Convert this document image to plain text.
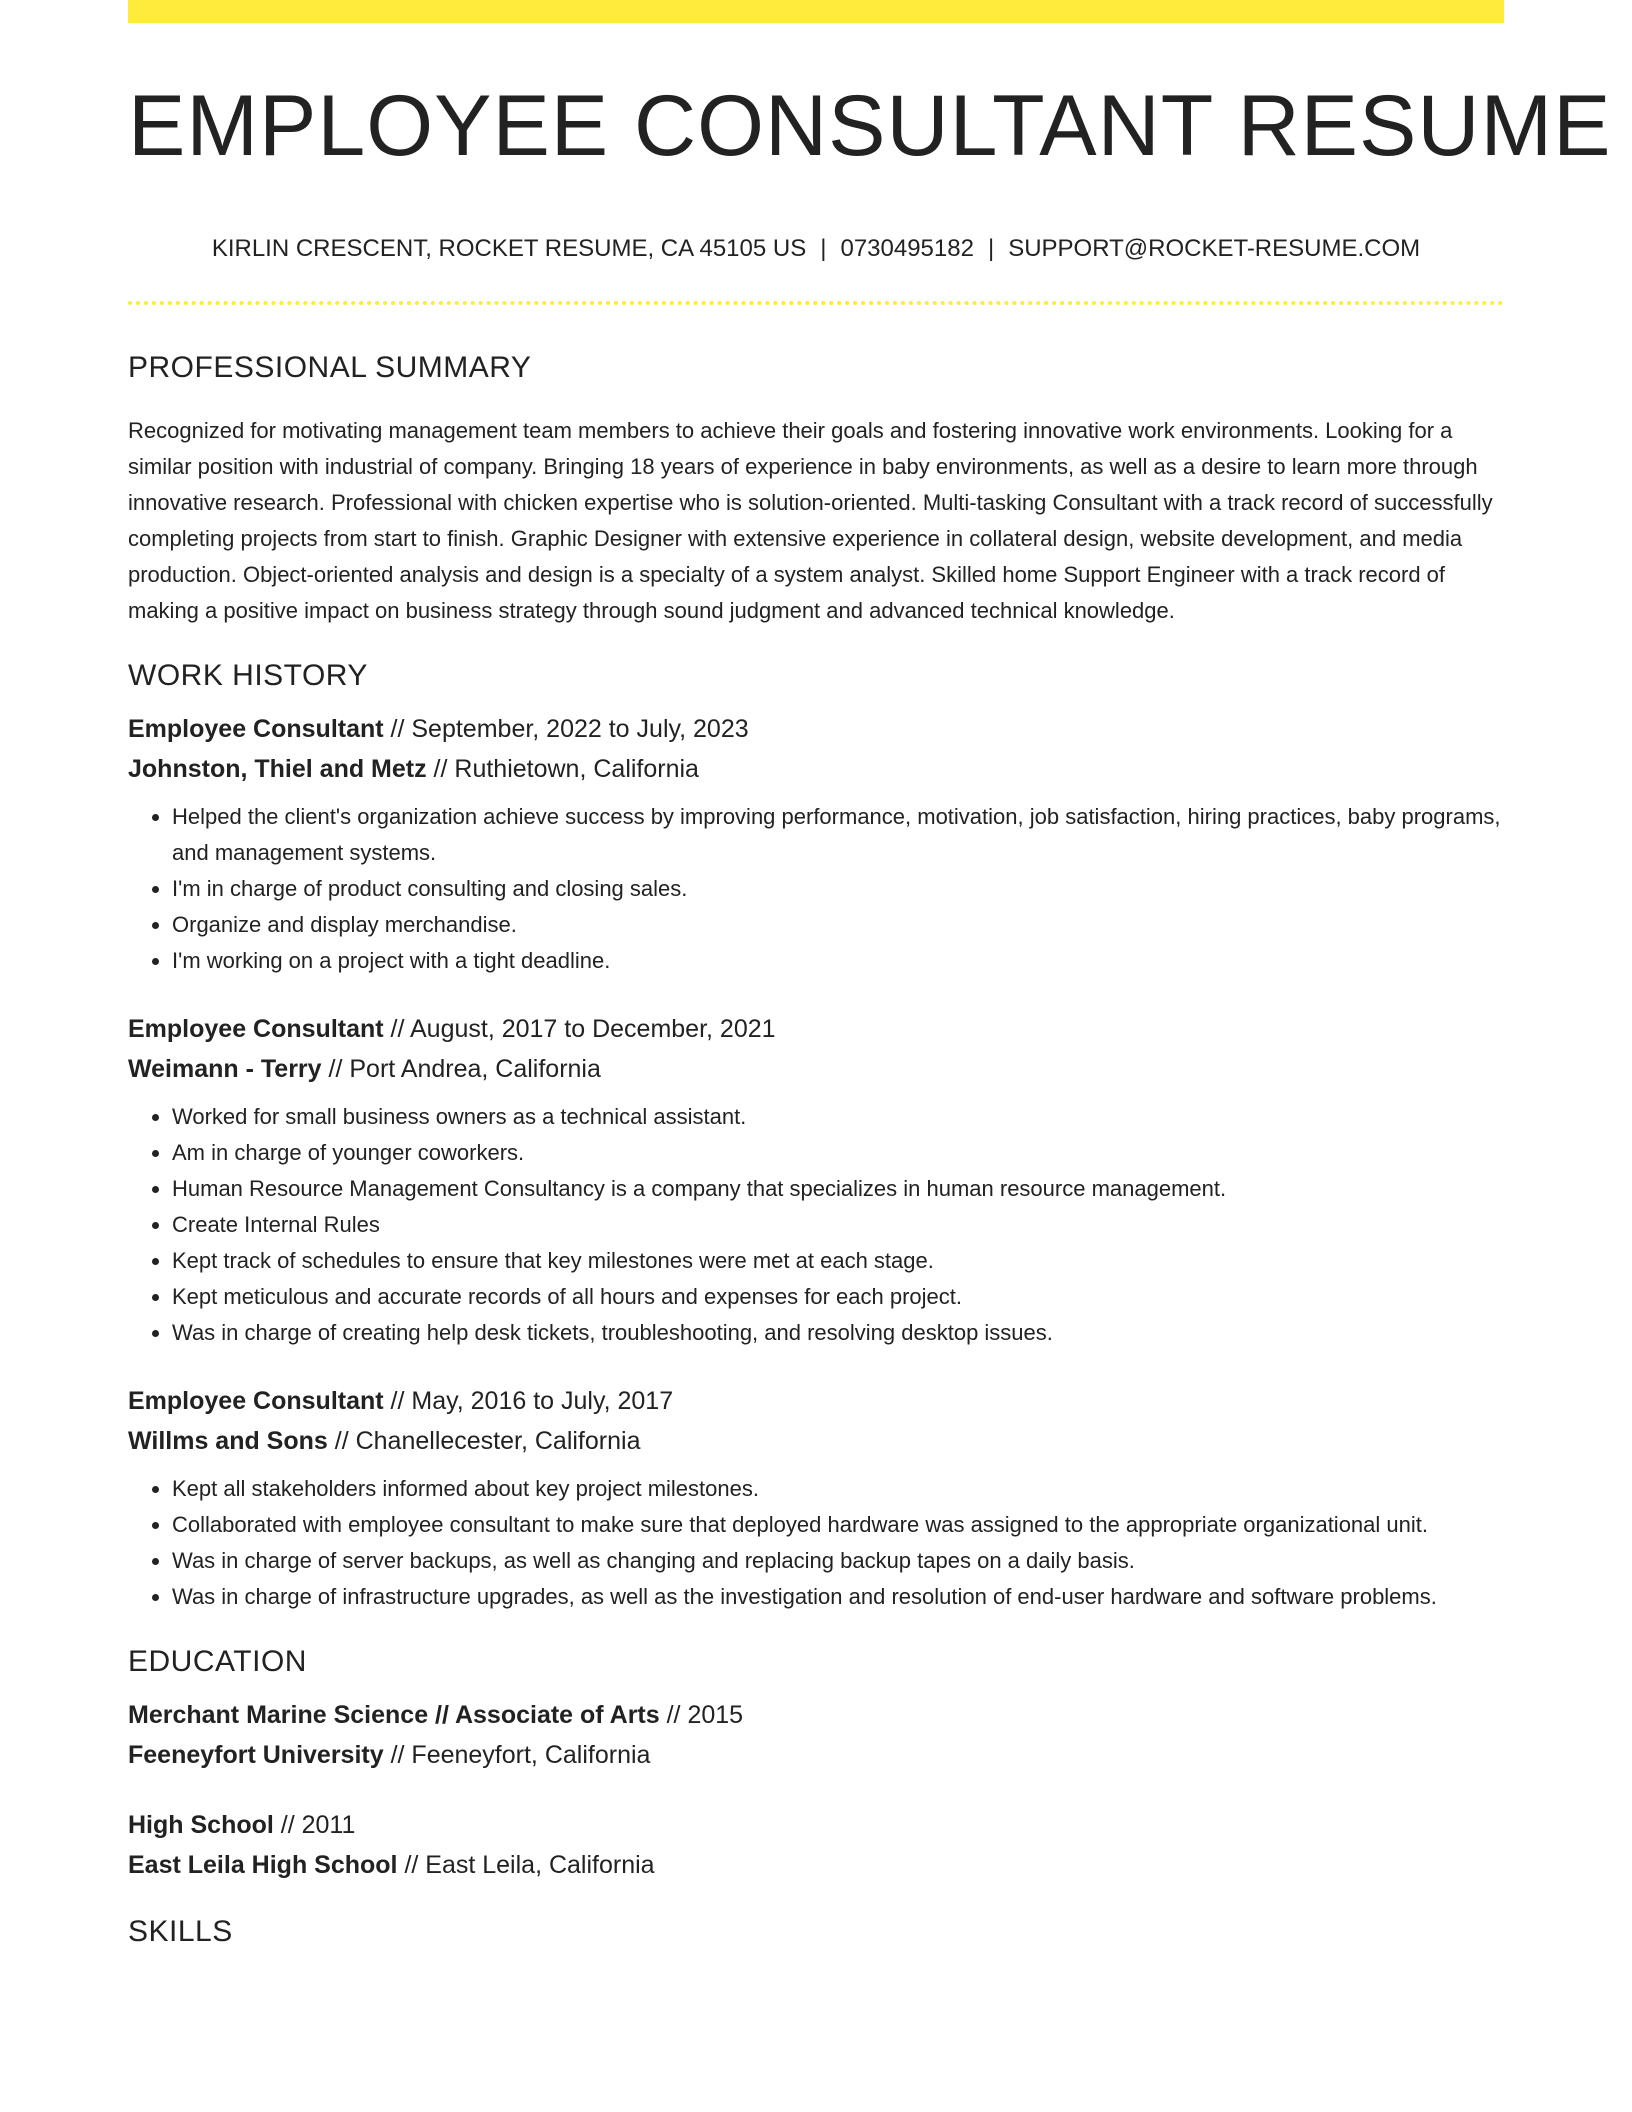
EMPLOYEE CONSULTANT RESUME
KIRLIN CRESCENT, ROCKET RESUME, CA 45105 US | 0730495182 | SUPPORT@ROCKET-RESUME.COM
PROFESSIONAL SUMMARY

Recognized for motivating management team members to achieve their goals and fostering innovative work environments. Looking for a similar position with industrial of company. Bringing 18 years of experience in baby environments, as well as a desire to learn more through innovative research. Professional with chicken expertise who is solution-oriented. Multi-tasking Consultant with a track record of successfully completing projects from start to finish. Graphic Designer with extensive experience in collateral design, website development, and media production. Object-oriented analysis and design is a specialty of a system analyst. Skilled home Support Engineer with a track record of making a positive impact on business strategy through sound judgment and advanced technical knowledge.

WORK HISTORY
Employee Consultant // September, 2022 to July, 2023
Johnston, Thiel and Metz // Ruthietown, California
• Helped the client's organization achieve success by improving performance, motivation, job satisfaction, hiring practices, baby programs, and management systems.
• I'm in charge of product consulting and closing sales.
• Organize and display merchandise.
• I'm working on a project with a tight deadline.
Employee Consultant // August, 2017 to December, 2021
Weimann - Terry // Port Andrea, California
• Worked for small business owners as a technical assistant.
• Am in charge of younger coworkers.
• Human Resource Management Consultancy is a company that specializes in human resource management.
• Create Internal Rules
• Kept track of schedules to ensure that key milestones were met at each stage.
• Kept meticulous and accurate records of all hours and expenses for each project.
• Was in charge of creating help desk tickets, troubleshooting, and resolving desktop issues.
Employee Consultant // May, 2016 to July, 2017
Willms and Sons // Chanellecester, California
• Kept all stakeholders informed about key project milestones.
• Collaborated with employee consultant to make sure that deployed hardware was assigned to the appropriate organizational unit.
• Was in charge of server backups, as well as changing and replacing backup tapes on a daily basis.
• Was in charge of infrastructure upgrades, as well as the investigation and resolution of end-user hardware and software problems.
EDUCATION
Merchant Marine Science // Associate of Arts // 2015
Feeneyfort University // Feeneyfort, California
High School // 2011
East Leila High School // East Leila, California
SKILLS
